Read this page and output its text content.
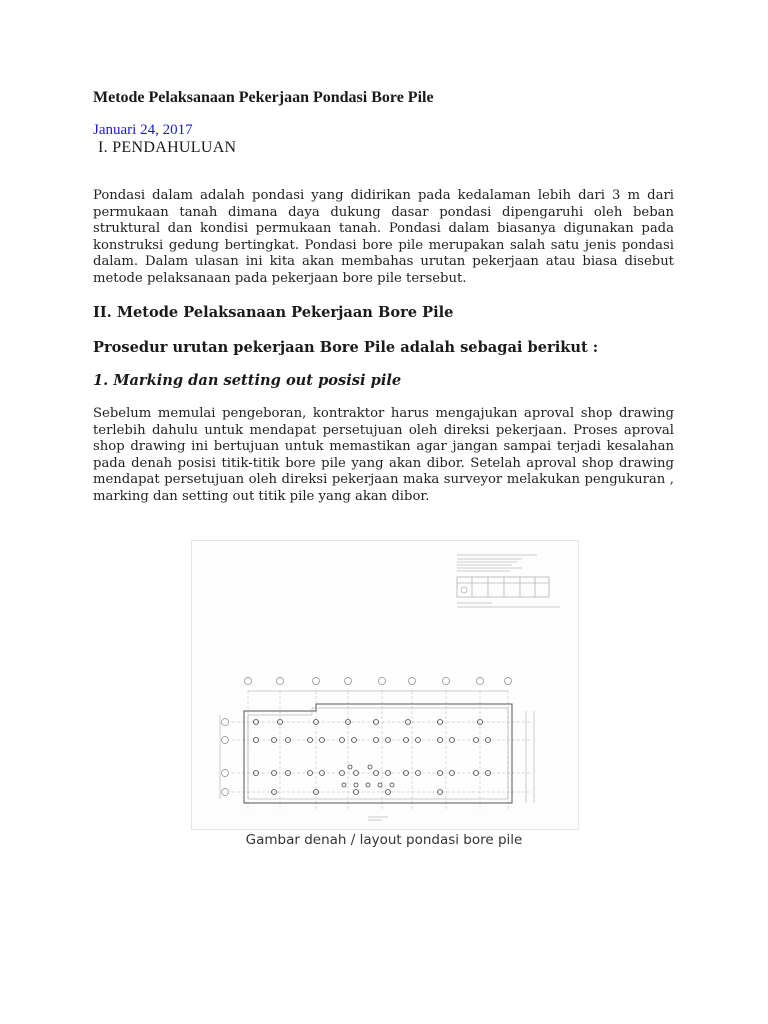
Metode Pelaksanaan Pekerjaan Pondasi Bore Pile
Januari 24, 2017
I. PENDAHULUAN

Pondasi dalam adalah pondasi yang didirikan pada kedalaman lebih dari 3 m dari permukaan tanah dimana daya dukung dasar pondasi dipengaruhi oleh beban struktural dan kondisi permukaan tanah. Pondasi dalam biasanya digunakan pada konstruksi gedung bertingkat. Pondasi bore pile merupakan salah satu jenis pondasi dalam. Dalam ulasan ini kita akan membahas urutan pekerjaan atau biasa disebut metode pelaksanaan pada pekerjaan bore pile tersebut.

II. Metode Pelaksanaan Pekerjaan Bore Pile
Prosedur urutan pekerjaan Bore Pile adalah sebagai berikut :
1. Marking dan setting out posisi pile

Sebelum memulai pengeboran, kontraktor harus mengajukan aproval shop drawing terlebih dahulu untuk mendapat persetujuan oleh direksi pekerjaan. Proses aproval shop drawing ini bertujuan untuk memastikan agar jangan sampai terjadi kesalahan pada denah posisi titik-titik bore pile yang akan dibor. Setelah aproval shop drawing mendapat persetujuan oleh direksi pekerjaan maka surveyor melakukan pengukuran , marking dan setting out titik pile yang akan dibor.

Gambar denah / layout pondasi bore pile
